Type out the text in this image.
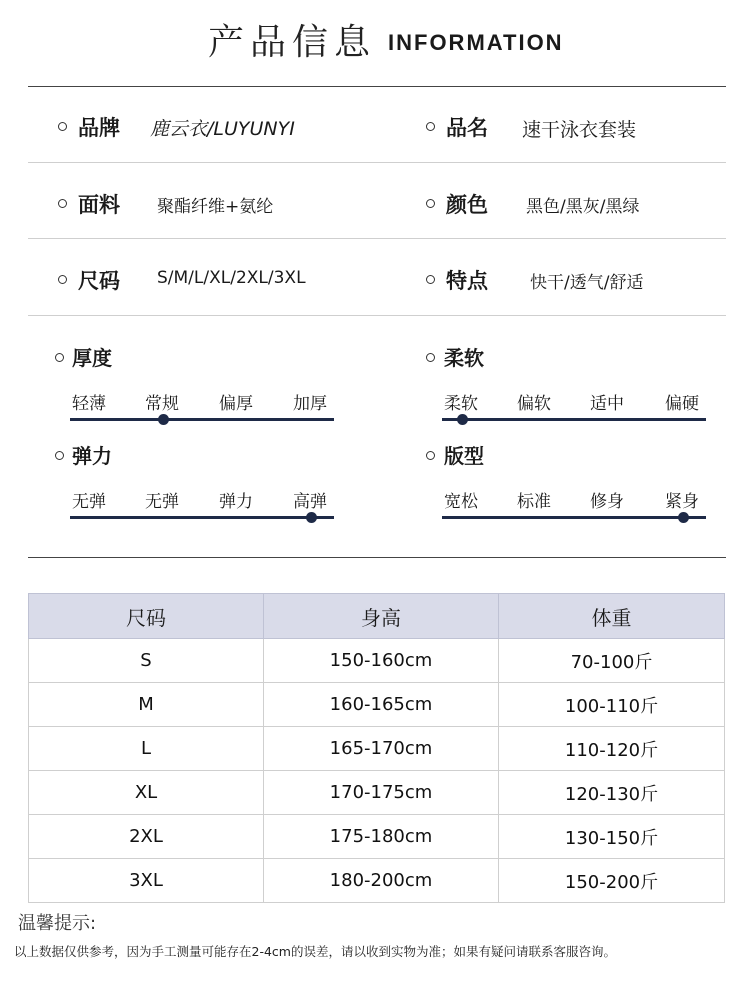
产品信息 INFORMATION
品牌 鹿云衣/LUYUNYI	品名 速干泳衣套装
面料 聚酯纤维+氨纶	颜色 黑色/黑灰/黑绿
尺码 S/M/L/XL/2XL/3XL	特点 快干/透气/舒适
厚度
轻薄 常规 偏厚 加厚
柔软
柔软 偏软 适中 偏硬
弹力
无弹 无弹 弹力 高弹
版型
宽松 标准 修身 紧身
尺码	身高	体重
S	150-160cm	70-100斤
M	160-165cm	100-110斤
L	165-170cm	110-120斤
XL	170-175cm	120-130斤
2XL	175-180cm	130-150斤
3XL	180-200cm	150-200斤
温馨提示:
以上数据仅供参考，因为手工测量可能存在2-4cm的误差，请以收到实物为准；如果有疑问请联系客服咨询。
